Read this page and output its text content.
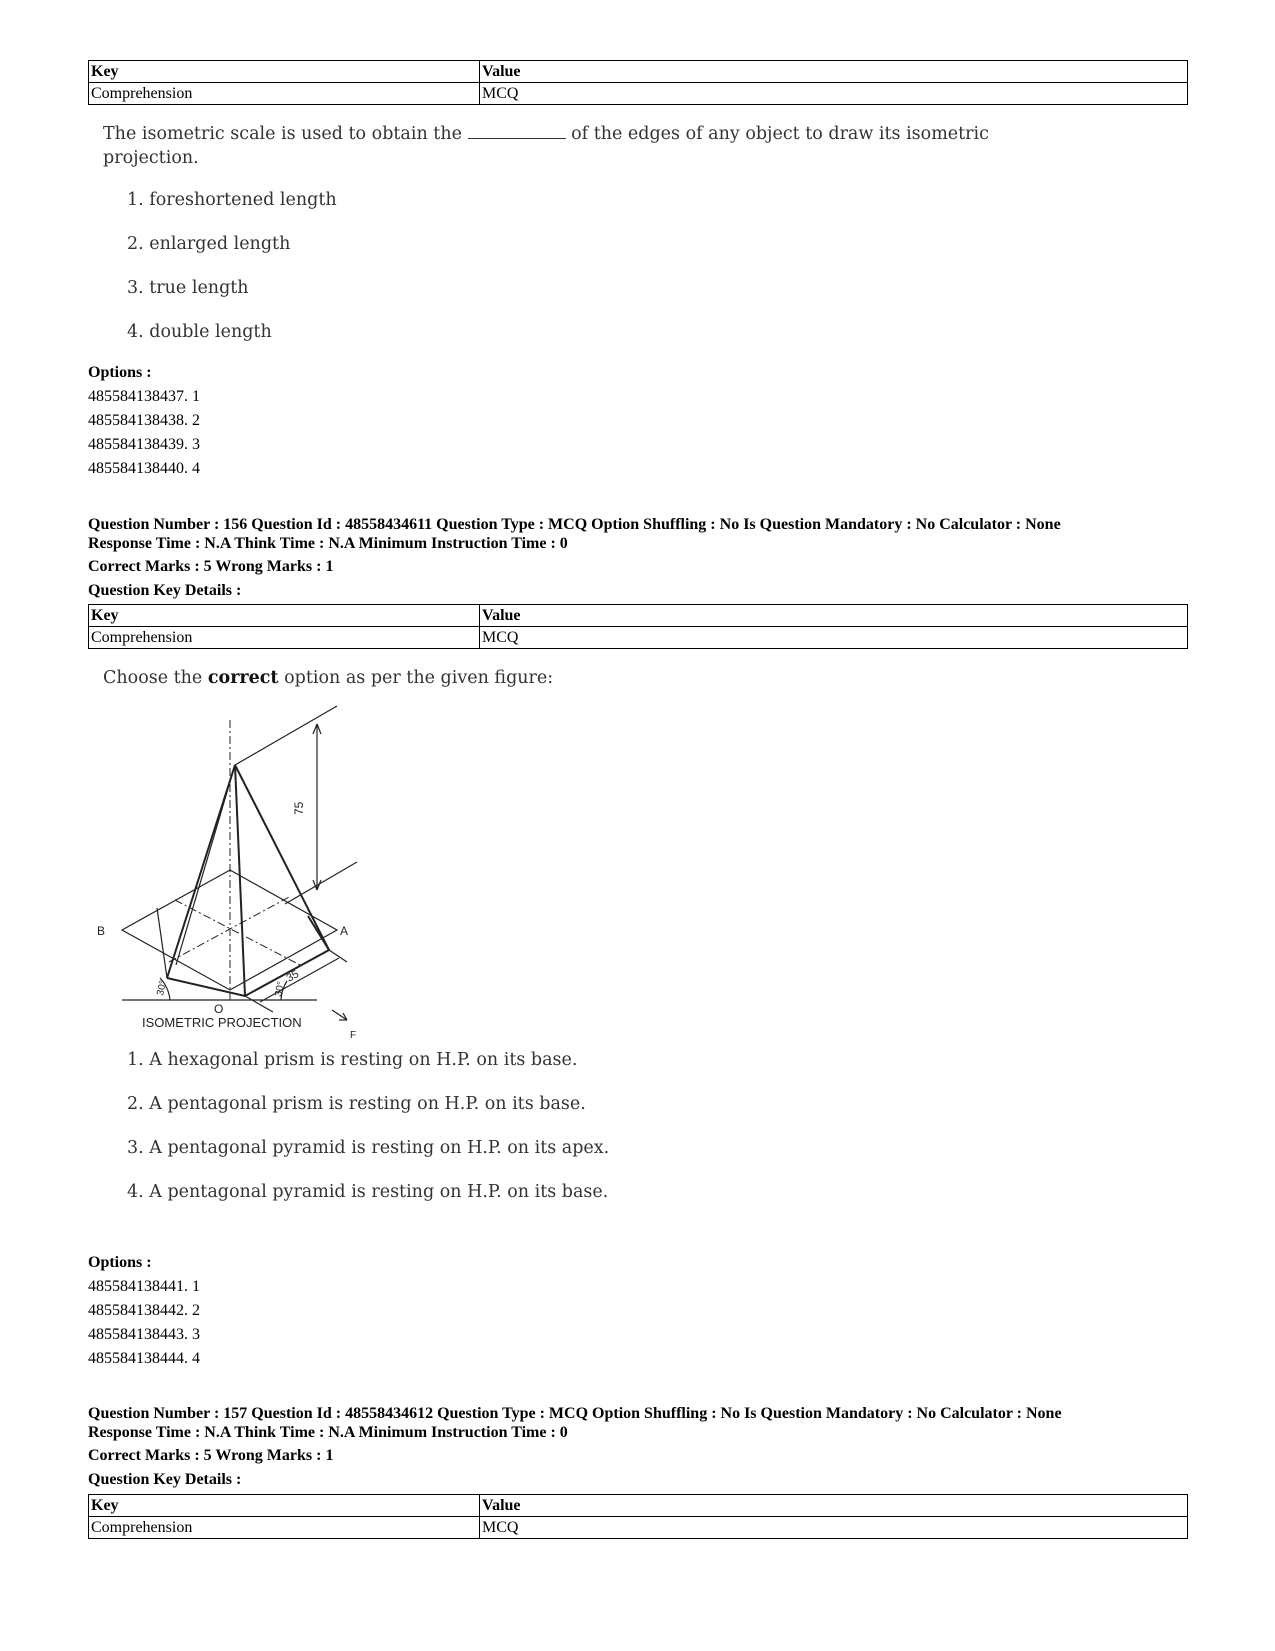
Key	Value
Comprehension	MCQ
The isometric scale is used to obtain the	of the edges of any object to draw its isometric
projection.
1. foreshortened length
2. enlarged length
3. true length
4. double length
Options :
485584138437. 1
485584138438. 2
485584138439. 3
485584138440. 4
Question Number : 156 Question Id : 48558434611 Question Type : MCQ Option Shuffling : No Is Question Mandatory : No Calculator : None
Response Time : N.A Think Time : N.A Minimum Instruction Time : 0
Correct Marks : 5 Wrong Marks : 1
Question Key Details :
Key	Value
Comprehension	MCQ
Choose the correct option as per the given figure:
75
B	A
O
F
30°	30°
35
ISOMETRIC PROJECTION
1. A hexagonal prism is resting on H.P. on its base.
2. A pentagonal prism is resting on H.P. on its base.
3. A pentagonal pyramid is resting on H.P. on its apex.
4. A pentagonal pyramid is resting on H.P. on its base.
Options :
485584138441. 1
485584138442. 2
485584138443. 3
485584138444. 4
Question Number : 157 Question Id : 48558434612 Question Type : MCQ Option Shuffling : No Is Question Mandatory : No Calculator : None
Response Time : N.A Think Time : N.A Minimum Instruction Time : 0
Correct Marks : 5 Wrong Marks : 1
Question Key Details :
Key	Value
Comprehension	MCQ
